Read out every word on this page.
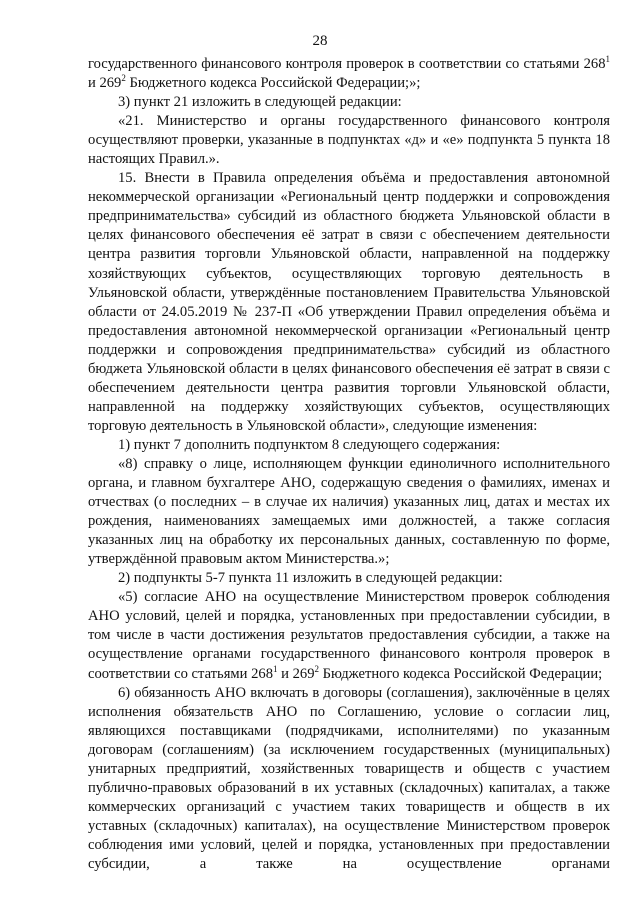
28

государственного финансового контроля проверок в соответствии со статьями $268^1$ и $269^2$ Бюджетного кодекса Российской Федерации;»;

3) пункт 21 изложить в следующей редакции:

«21. Министерство и органы государственного финансового контроля осуществляют проверки, указанные в подпунктах «д» и «е» подпункта 5 пункта 18 настоящих Правил.».

15. Внести в Правила определения объёма и предоставления автономной некоммерческой организации «Региональный центр поддержки и сопровождения предпринимательства» субсидий из областного бюджета Ульяновской области в целях финансового обеспечения её затрат в связи с обеспечением деятельности центра развития торговли Ульяновской области, направленной на поддержку хозяйствующих субъектов, осуществляющих торговую деятельность в Ульяновской области, утверждённые постановлением Правительства Ульяновской области от 24.05.2019 № 237-П «Об утверждении Правил определения объёма и предоставления автономной некоммерческой организации «Региональный центр поддержки и сопровождения предпринимательства» субсидий из областного бюджета Ульяновской области в целях финансового обеспечения её затрат в связи с обеспечением деятельности центра развития торговли Ульяновской области, направленной на поддержку хозяйствующих субъектов, осуществляющих торговую деятельность в Ульяновской области», следующие изменения:

1) пункт 7 дополнить подпунктом 8 следующего содержания:

«8) справку о лице, исполняющем функции единоличного исполнительного органа, и главном бухгалтере АНО, содержащую сведения о фамилиях, именах и отчествах (о последних – в случае их наличия) указанных лиц, датах и местах их рождения, наименованиях замещаемых ими должностей, а также согласия указанных лиц на обработку их персональных данных, составленную по форме, утверждённой правовым актом Министерства.»;

2) подпункты 5-7 пункта 11 изложить в следующей редакции:

«5) согласие АНО на осуществление Министерством проверок соблюдения АНО условий, целей и порядка, установленных при предоставлении субсидии, в том числе в части достижения результатов предоставления субсидии, а также на осуществление органами государственного финансового контроля проверок в соответствии со статьями $268^1$ и $269^2$ Бюджетного кодекса Российской Федерации;

6) обязанность АНО включать в договоры (соглашения), заключённые в целях исполнения обязательств АНО по Соглашению, условие о согласии лиц, являющихся поставщиками (подрядчиками, исполнителями) по указанным договорам (соглашениям) (за исключением государственных (муниципальных) унитарных предприятий, хозяйственных товариществ и обществ с участием публично-правовых образований в их уставных (складочных) капиталах, а также коммерческих организаций с участием таких товариществ и обществ в их уставных (складочных) капиталах), на осуществление Министерством проверок соблюдения ими условий, целей и порядка, установленных при предоставлении субсидии, а также на осуществление органами
